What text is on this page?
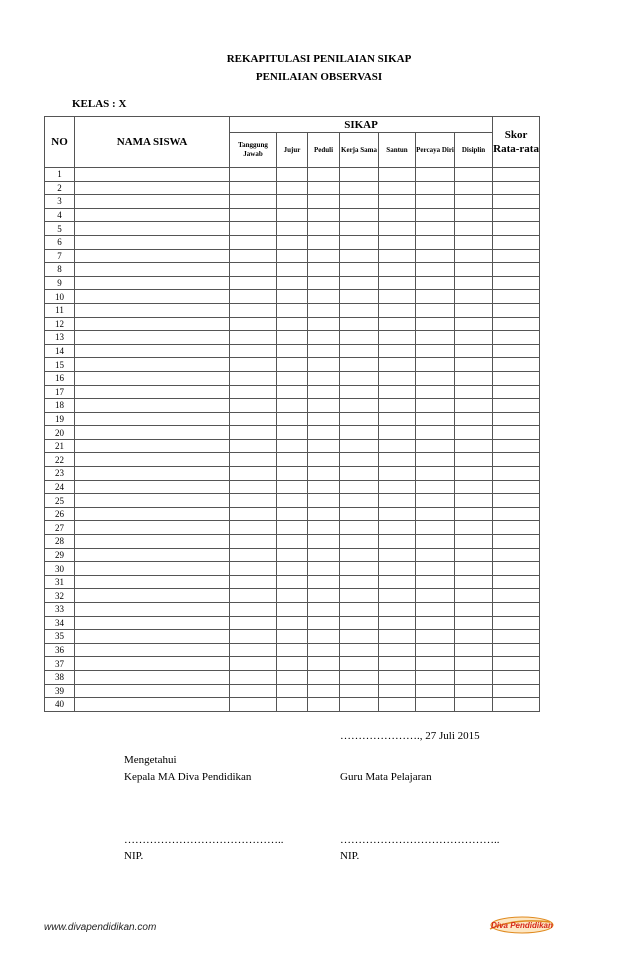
REKAPITULASI PENILAIAN SIKAP
PENILAIAN OBSERVASI
KELAS : X
NO	NAMA SISWA	SIKAP							Skor Rata-rata
		Tanggung Jawab	Jujur	Peduli	Kerja Sama	Santun	Percaya Diri	Disiplin	
1									
2									
3									
4									
5									
6									
7									
8									
9									
10									
11									
12									
13									
14									
15									
16									
17									
18									
19									
20									
21									
22									
23									
24									
25									
26									
27									
28									
29									
30									
31									
32									
33									
34									
35									
36									
37									
38									
39									
40									
…………………., 27 Juli 2015
Mengetahui
Kepala MA Diva Pendidikan	Guru Mata Pelajaran
……………………………………..	……………………………………..
NIP.	NIP.
www.divapendidikan.com	Diva Pendidikan
